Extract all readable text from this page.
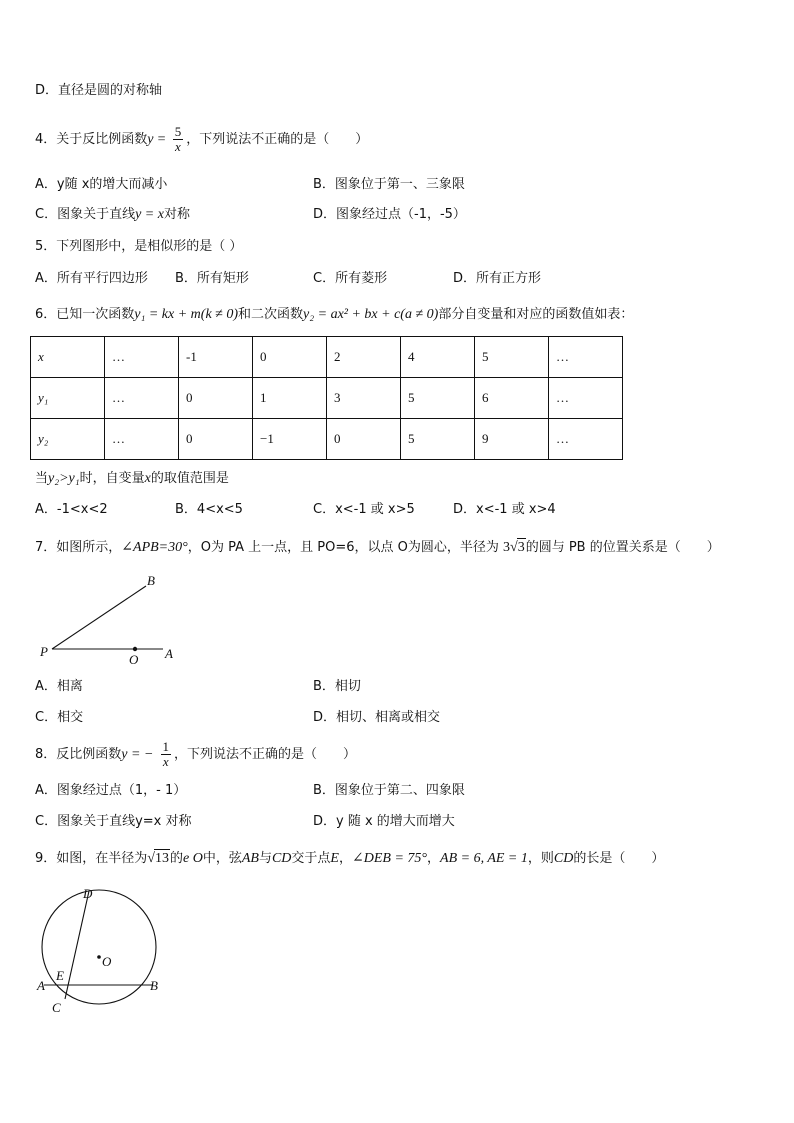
D．直径是圆的对称轴
4．关于反比例函数$y = \frac{5}{x}$ ，下列说法不正确的是（　　）
A．y随 x的增大而减小	B．图象位于第一、三象限
C．图象关于直线y = x对称	D．图象经过点（-1，-5）
5．下列图形中，是相似形的是（ ）
A．所有平行四边形 B．所有矩形	C．所有菱形	D．所有正方形
6．已知一次函数y₁ = kx + m(k ≠ 0)和二次函数y₂ = ax² + bx + c(a ≠ 0)部分自变量和对应的函数值如表：
x	…	-1	0	2	4	5	…
y₁	…	0	1	3	5	6	…
y₂	…	0	−1	0	5	9	…
当y₂>y₁时，自变量x的取值范围是
A．-1<x<2	B．4<x<5	C．x<-1 或 x>5	D．x<-1 或 x>4
7．如图所示，∠APB=30°，O为 PA 上一点，且 PO=6，以点 O为圆心，半径为 3√3的圆与 PB 的位置关系是（　　）
B
P
O A
A．相离	B．相切
C．相交	D．相切、相离或相交
8．反比例函数y = − $\frac{1}{x}$ ，下列说法不正确的是（　　）
A．图象经过点（1，- 1）	B．图象位于第二、四象限
C．图象关于直线y=x 对称	D．y 随 x 的增大而增大
9．如图，在半径为√13的e O中，弦AB与CD交于点E，∠DEB = 75°，AB = 6, AE = 1，则CD的长是（　　）
D
O
E
A	B
C
